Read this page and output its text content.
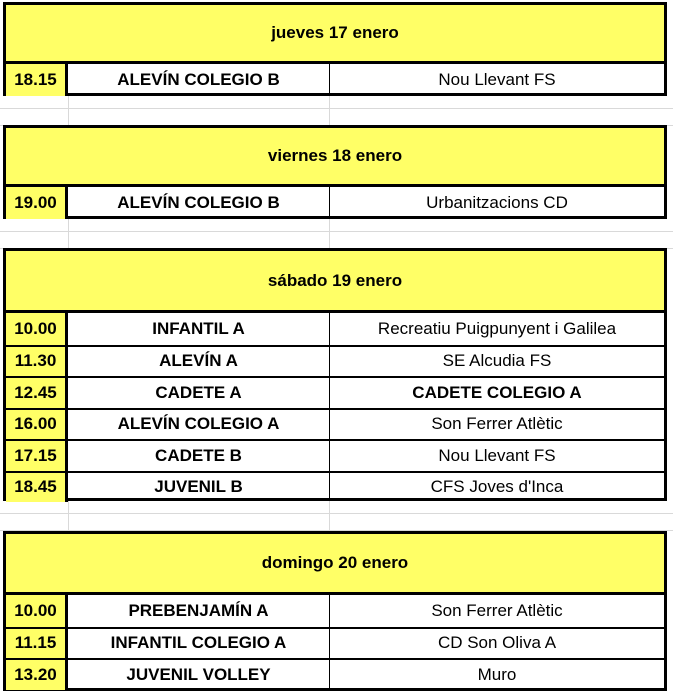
jueves 17 enero
18.15	ALEVÍN COLEGIO B	Nou Llevant FS
viernes 18 enero
19.00	ALEVÍN COLEGIO B	Urbanitzacions CD
sábado 19 enero
10.00	INFANTIL A	Recreatiu Puigpunyent i Galilea
11.30	ALEVÍN A	SE Alcudia FS
12.45	CADETE A	CADETE COLEGIO A
16.00	ALEVÍN COLEGIO A	Son Ferrer Atlètic
17.15	CADETE B	Nou Llevant FS
18.45	JUVENIL B	CFS Joves d'Inca
domingo 20 enero
10.00	PREBENJAMÍN A	Son Ferrer Atlètic
11.15	INFANTIL COLEGIO A	CD Son Oliva A
13.20	JUVENIL VOLLEY	Muro
